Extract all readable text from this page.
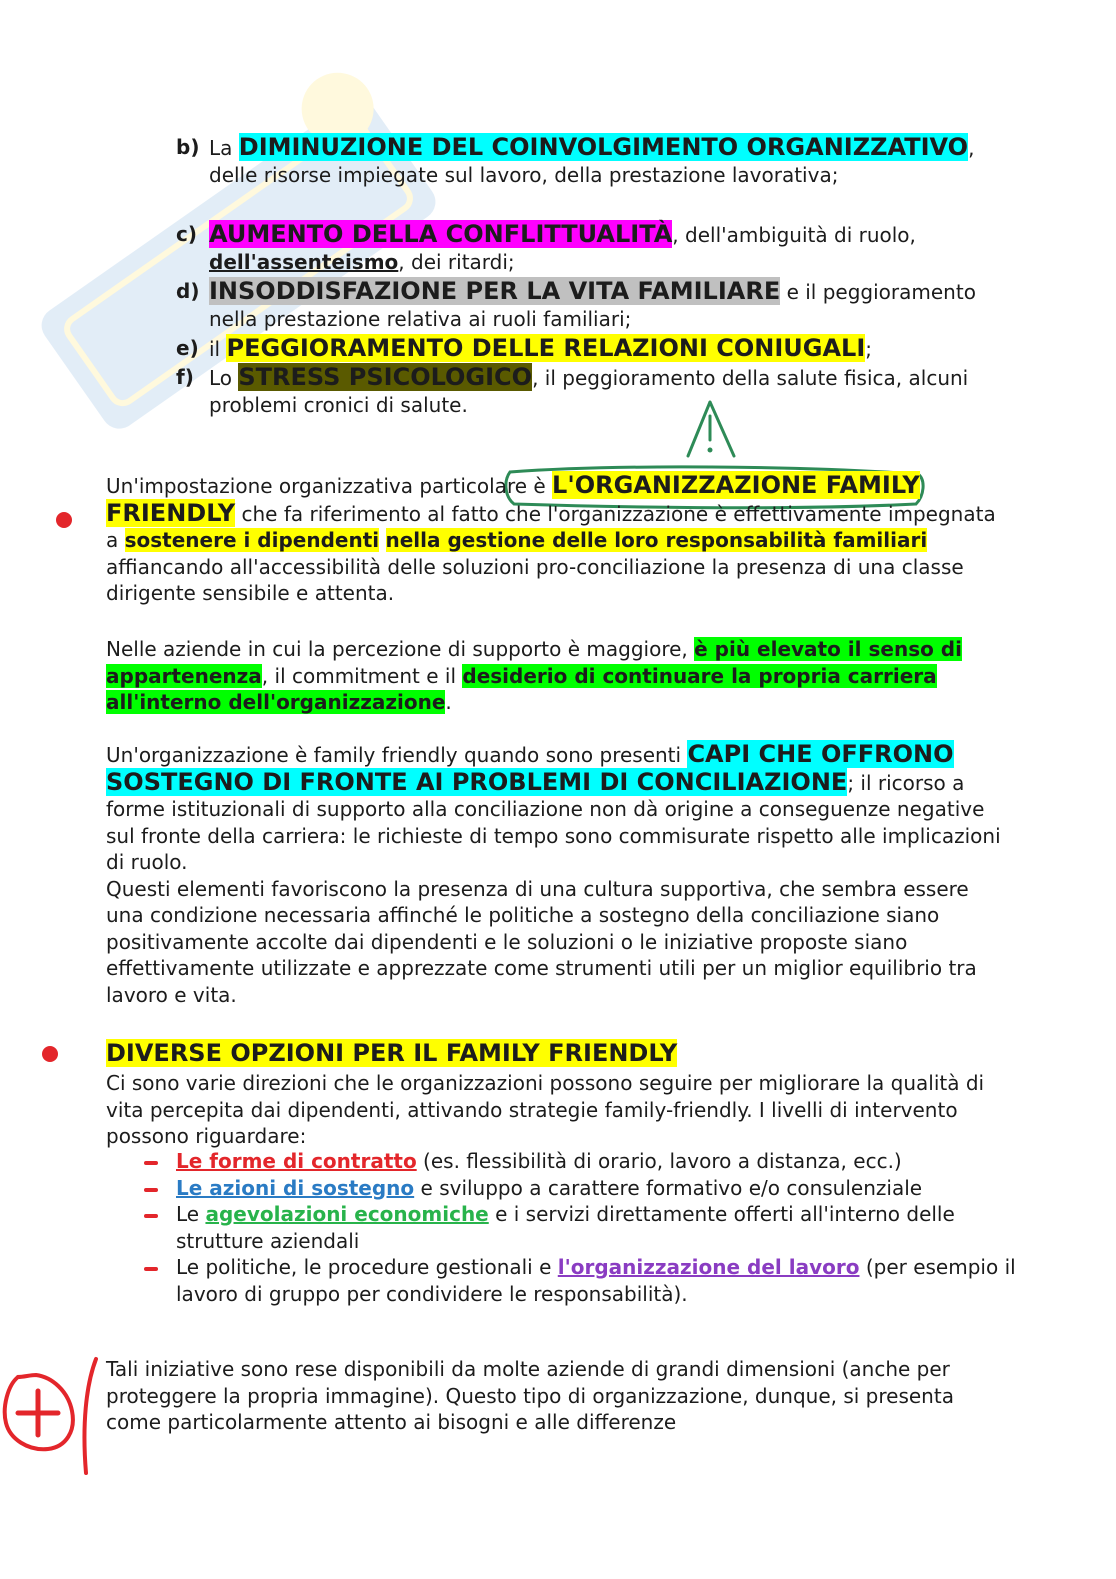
b) La DIMINUZIONE DEL COINVOLGIMENTO ORGANIZZATIVO, delle risorse impiegate sul lavoro, della prestazione lavorativa;
c) AUMENTO DELLA CONFLITTUALITÀ, dell'ambiguità di ruolo, dell'assenteismo, dei ritardi;
d) INSODDISFAZIONE PER LA VITA FAMILIARE e il peggioramento nella prestazione relativa ai ruoli familiari;
e) il PEGGIORAMENTO DELLE RELAZIONI CONIUGALI;
f) Lo STRESS PSICOLOGICO, il peggioramento della salute fisica, alcuni problemi cronici di salute.
Un'impostazione organizzativa particolare è L'ORGANIZZAZIONE FAMILY FRIENDLY che fa riferimento al fatto che l'organizzazione è effettivamente impegnata a sostenere i dipendenti nella gestione delle loro responsabilità familiari affiancando all'accessibilità delle soluzioni pro-conciliazione la presenza di una classe dirigente sensibile e attenta.
Nelle aziende in cui la percezione di supporto è maggiore, è più elevato il senso di appartenenza, il commitment e il desiderio di continuare la propria carriera all'interno dell'organizzazione.
Un'organizzazione è family friendly quando sono presenti CAPI CHE OFFRONO SOSTEGNO DI FRONTE AI PROBLEMI DI CONCILIAZIONE; il ricorso a forme istituzionali di supporto alla conciliazione non dà origine a conseguenze negative sul fronte della carriera: le richieste di tempo sono commisurate rispetto alle implicazioni di ruolo.
Questi elementi favoriscono la presenza di una cultura supportiva, che sembra essere una condizione necessaria affinché le politiche a sostegno della conciliazione siano positivamente accolte dai dipendenti e le soluzioni o le iniziative proposte siano effettivamente utilizzate e apprezzate come strumenti utili per un miglior equilibrio tra lavoro e vita.
DIVERSE OPZIONI PER IL FAMILY FRIENDLY
Ci sono varie direzioni che le organizzazioni possono seguire per migliorare la qualità di vita percepita dai dipendenti, attivando strategie family-friendly. I livelli di intervento possono riguardare:
Le forme di contratto (es. flessibilità di orario, lavoro a distanza, ecc.)
Le azioni di sostegno e sviluppo a carattere formativo e/o consulenziale
Le agevolazioni economiche e i servizi direttamente offerti all'interno delle strutture aziendali
Le politiche, le procedure gestionali e l'organizzazione del lavoro (per esempio il lavoro di gruppo per condividere le responsabilità).
Tali iniziative sono rese disponibili da molte aziende di grandi dimensioni (anche per proteggere la propria immagine). Questo tipo di organizzazione, dunque, si presenta come particolarmente attento ai bisogni e alle differenze
